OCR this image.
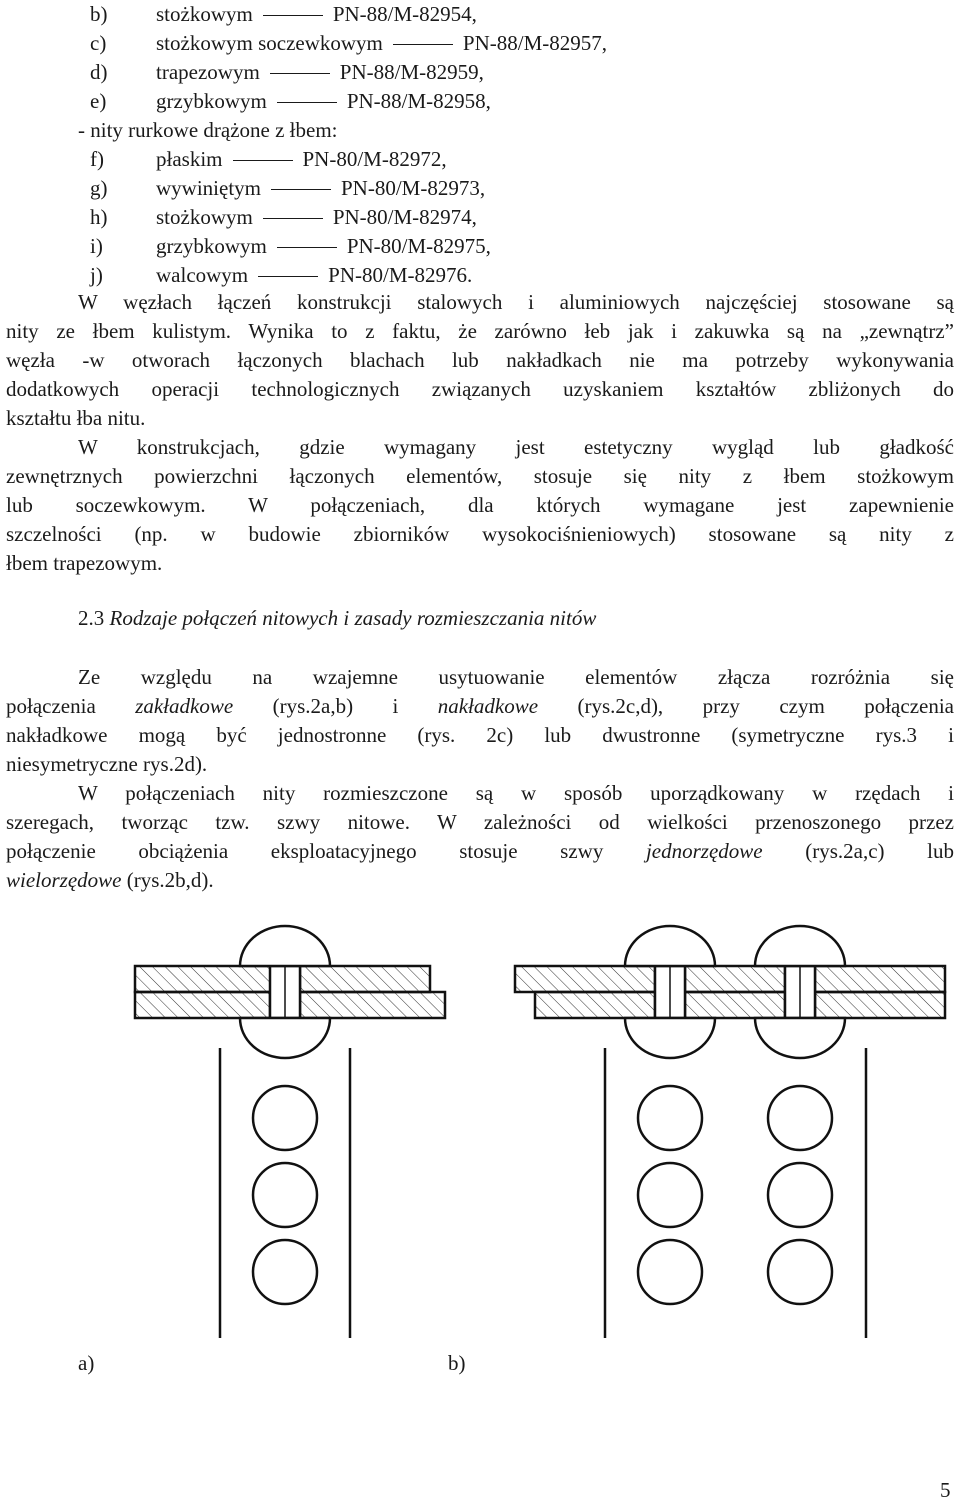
b) stożkowym	PN-88/M-82954,
c) stożkowym soczewkowym	PN-88/M-82957,
d) trapezowym	PN-88/M-82959,
e) grzybkowym	PN-88/M-82958,
- nity rurkowe drążone z łbem:
f) płaskim	PN-80/M-82972,
g) wywiniętym	PN-80/M-82973,
h) stożkowym	PN-80/M-82974,
i)	grzybkowym	PN-80/M-82975,
j)	walcowym	PN-80/M-82976.
W węzłach łączeń konstrukcji stalowych i aluminiowych najczęściej stosowane są
nity ze łbem kulistym. Wynika to z faktu, że zarówno łeb jak i zakuwka są na „zewnątrz”
węzła -w otworach łączonych blachach lub nakładkach nie ma potrzeby wykonywania
dodatkowych operacji technologicznych związanych uzyskaniem kształtów zbliżonych do
kształtu łba nitu.
W konstrukcjach, gdzie wymagany jest estetyczny wygląd lub gładkość
zewnętrznych powierzchni łączonych elementów, stosuje się nity z łbem stożkowym
lub soczewkowym. W połączeniach, dla których wymagane jest zapewnienie
szczelności (np. w budowie zbiorników wysokociśnieniowych) stosowane są nity z
łbem trapezowym.
2.3 Rodzaje połączeń nitowych i zasady rozmieszczania nitów
Ze względu na wzajemne usytuowanie elementów złącza rozróżnia się
połączenia zakładkowe (rys.2a,b) i nakładkowe (rys.2c,d), przy czym połączenia
nakładkowe mogą być jednostronne (rys. 2c) lub dwustronne (symetryczne rys.3 i
niesymetryczne rys.2d).
W połączeniach nity rozmieszczone są w sposób uporządkowany w rzędach i
szeregach, tworząc tzw. szwy nitowe. W zależności od wielkości przenoszonego przez
połączenie obciążenia eksploatacyjnego stosuje szwy jednorzędowe (rys.2a,c) lub
wielorzędowe (rys.2b,d).
a)	b)
5
